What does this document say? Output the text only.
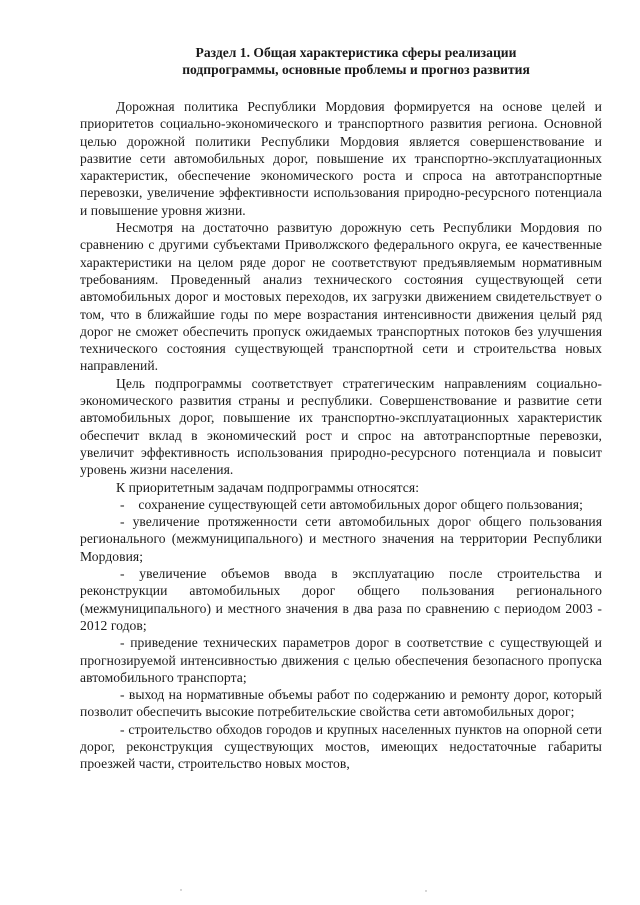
Раздел 1. Общая характеристика сферы реализации
подпрограммы, основные проблемы и прогноз развития

Дорожная политика Республики Мордовия формируется на основе целей и приоритетов социально-экономического и транспортного развития региона. Основной целью дорожной политики Республики Мордовия является совершенствование и развитие сети автомобильных дорог, повышение их транспортно-эксплуатационных характеристик, обеспечение экономического роста и спроса на автотранспортные перевозки, увеличение эффективности использования природно-ресурсного потенциала и повышение уровня жизни.

Несмотря на достаточно развитую дорожную сеть Республики Мордовия по сравнению с другими субъектами Приволжского федерального округа, ее качественные характеристики на целом ряде дорог не соответствуют предъявляемым нормативным требованиям. Проведенный анализ технического состояния существующей сети автомобильных дорог и мостовых переходов, их загрузки движением свидетельствует о том, что в ближайшие годы по мере возрастания интенсивности движения целый ряд дорог не сможет обеспечить пропуск ожидаемых транспортных потоков без улучшения технического состояния существующей транспортной сети и строительства новых направлений.

Цель подпрограммы соответствует стратегическим направлениям социально-экономического развития страны и республики. Совершенствование и развитие сети автомобильных дорог, повышение их транспортно-эксплуатационных характеристик обеспечит вклад в экономический рост и спрос на автотранспортные перевозки, увеличит эффективность использования природно-ресурсного потенциала и повысит уровень жизни населения.

К приоритетным задачам подпрограммы относятся:

-    сохранение существующей сети автомобильных дорог общего пользования;

- увеличение протяженности сети автомобильных дорог общего пользования регионального (межмуниципального) и местного значения на территории Республики Мордовия;

- увеличение объемов ввода в эксплуатацию после строительства и реконструкции автомобильных дорог общего пользования регионального (межмуниципального) и местного значения в два раза по сравнению с периодом 2003 - 2012 годов;

- приведение технических параметров дорог в соответствие с существующей и прогнозируемой интенсивностью движения с целью обеспечения безопасного пропуска автомобильного транспорта;

- выход на нормативные объемы работ по содержанию и ремонту дорог, который позволит обеспечить высокие потребительские свойства сети автомобильных дорог;

- строительство обходов городов и крупных населенных пунктов на опорной сети дорог, реконструкция существующих мостов, имеющих недостаточные габариты проезжей части, строительство новых мостов,
